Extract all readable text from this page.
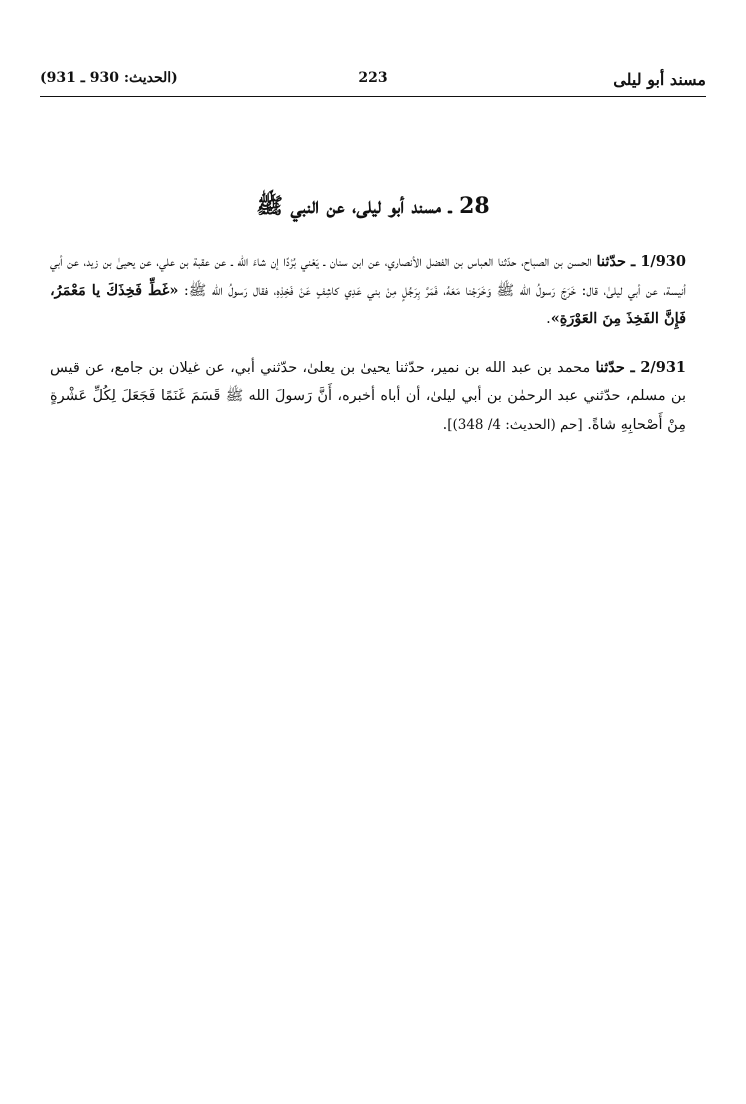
(الحديث: 930 ـ 931)	223	مسند أبو ليلى
28 ـ مسند أبو ليلى، عن النبي ﷺ

1/930 ـ حدّثنا الحسن بن الصباح، حدّثنا العباس بن الفضل الأنصاري، عن ابن سنان ـ يَعْني بُرْدًا إن شاءَ الله ـ عن عقبة بن علي، عن يحيىٰ بن زيد، عن أبي أنيسة، عن أبي ليلىٰ، قال: خَرَجَ رَسولُ الله ﷺ وَخَرَجْنا مَعَهُ، فَمَرَّ بِرَجُلٍ مِنْ بني عَدِي كاشِفٍ عَنْ فَخِذِهِ، فقال رَسولُ الله ﷺ: «غَطِّ فَخِذَكَ يا مَعْمَرُ، فَإِنَّ الفَخِذَ مِنَ العَوْرَةِ».

2/931 ـ حدّثنا محمد بن عبد الله بن نمير، حدّثنا يحيىٰ بن يعلىٰ، حدّثني أبي، عن غيلان بن جامع، عن قيس بن مسلم، حدّثني عبد الرحمٰن بن أبي ليلىٰ، أن أباه أخبره، أَنَّ رَسولَ الله ﷺ قَسَمَ غَنَمًا فَجَعَلَ لِكُلِّ عَشْرةٍ مِنْ أَصْحابِهِ شاةً. [حم (الحديث: 4/ 348)].
